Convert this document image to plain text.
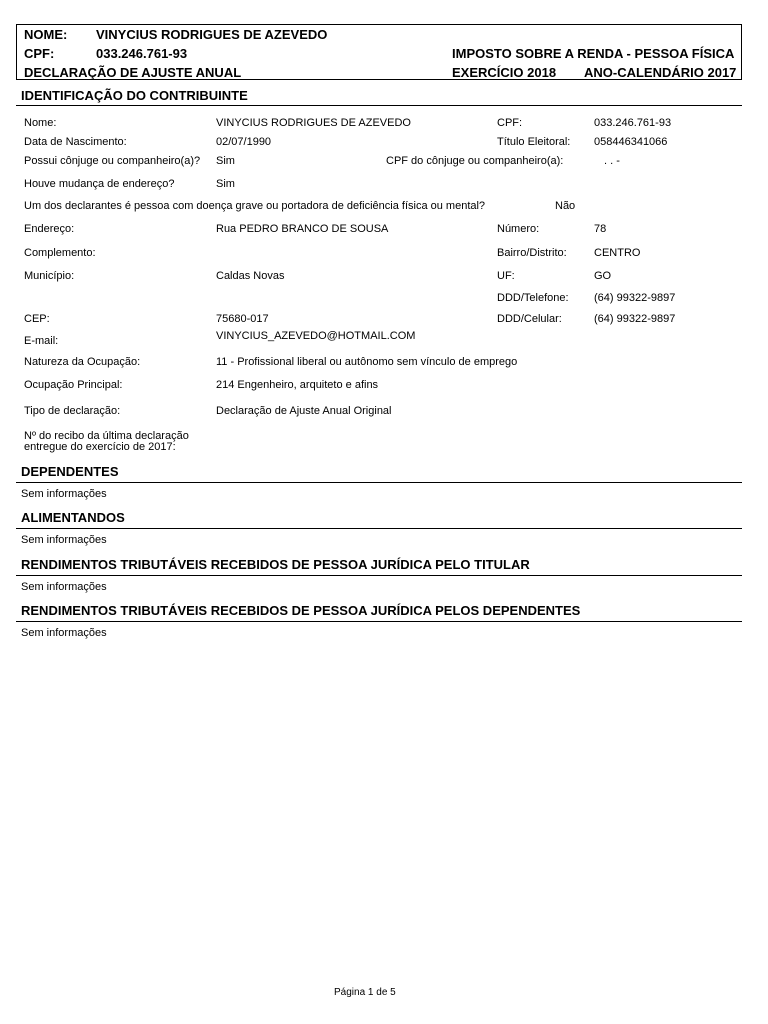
NOME: VINYCIUS RODRIGUES DE AZEVEDO
CPF:	033.246.761-93	IMPOSTO SOBRE A RENDA - PESSOA FÍSICA
DECLARAÇÃO DE AJUSTE ANUAL	EXERCÍCIO 2018 ANO-CALENDÁRIO 2017
IDENTIFICAÇÃO DO CONTRIBUINTE
Nome:	VINYCIUS RODRIGUES DE AZEVEDO	CPF:	033.246.761-93
Data de Nascimento:	02/07/1990	Título Eleitoral: 058446341066
Possui cônjuge ou companheiro(a)? Sim	CPF do cônjuge ou companheiro(a):	. . -
Houve mudança de endereço?	Sim
Um dos declarantes é pessoa com doença grave ou portadora de deficiência física ou mental?	Não
Endereço:	Rua PEDRO BRANCO DE SOUSA	Número:	78
Complemento:	Bairro/Distrito: CENTRO
Município:	Caldas Novas	UF:	GO
DDD/Telefone: (64) 99322-9897
CEP:	75680-017	DDD/Celular:	(64) 99322-9897
VINYCIUS_AZEVEDO@HOTMAIL.COM
E-mail:
Natureza da Ocupação:	11 - Profissional liberal ou autônomo sem vínculo de emprego
Ocupação Principal:	214 Engenheiro, arquiteto e afins
Tipo de declaração:	Declaração de Ajuste Anual Original
Nº do recibo da última declaração
entregue do exercício de 2017:
DEPENDENTES
Sem informações
ALIMENTANDOS
Sem informações
RENDIMENTOS TRIBUTÁVEIS RECEBIDOS DE PESSOA JURÍDICA PELO TITULAR
Sem informações
RENDIMENTOS TRIBUTÁVEIS RECEBIDOS DE PESSOA JURÍDICA PELOS DEPENDENTES
Sem informações
Página 1 de 5
